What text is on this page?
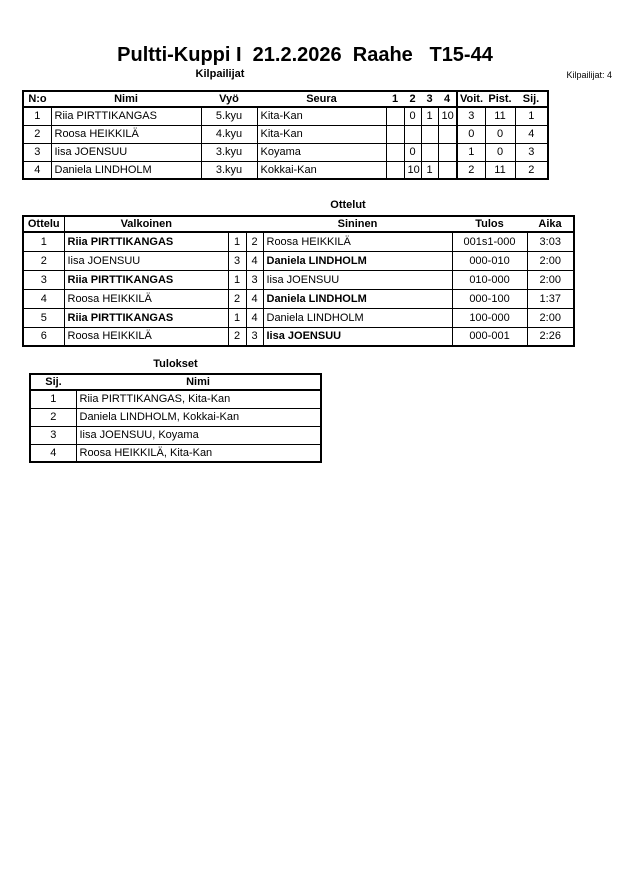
Pultti-Kuppi I  21.2.2026  Raahe   T15-44
Kilpailijat	Kilpailijat: 4
N:o	Nimi	Vyö	Seura	1	2	3	4	Voit.	Pist.	Sij.
1	Riia PIRTTIKANGAS	5.kyu	Kita-Kan		0	1	10	3	11	1
2	Roosa HEIKKILÄ	4.kyu	Kita-Kan					0	0	4
3	Iisa JOENSUU	3.kyu	Koyama		0			1	0	3
4	Daniela LINDHOLM	3.kyu	Kokkai-Kan		10	1		2	11	2
Ottelut
Ottelu	Valkoinen			Sininen	Tulos	Aika
1	Riia PIRTTIKANGAS	1	2	Roosa HEIKKILÄ	001s1-000	3:03
2	Iisa JOENSUU	3	4	Daniela LINDHOLM	000-010	2:00
3	Riia PIRTTIKANGAS	1	3	Iisa JOENSUU	010-000	2:00
4	Roosa HEIKKILÄ	2	4	Daniela LINDHOLM	000-100	1:37
5	Riia PIRTTIKANGAS	1	4	Daniela LINDHOLM	100-000	2:00
6	Roosa HEIKKILÄ	2	3	Iisa JOENSUU	000-001	2:26
Tulokset
Sij.	Nimi
1	Riia PIRTTIKANGAS, Kita-Kan
2	Daniela LINDHOLM, Kokkai-Kan
3	Iisa JOENSUU, Koyama
4	Roosa HEIKKILÄ, Kita-Kan
